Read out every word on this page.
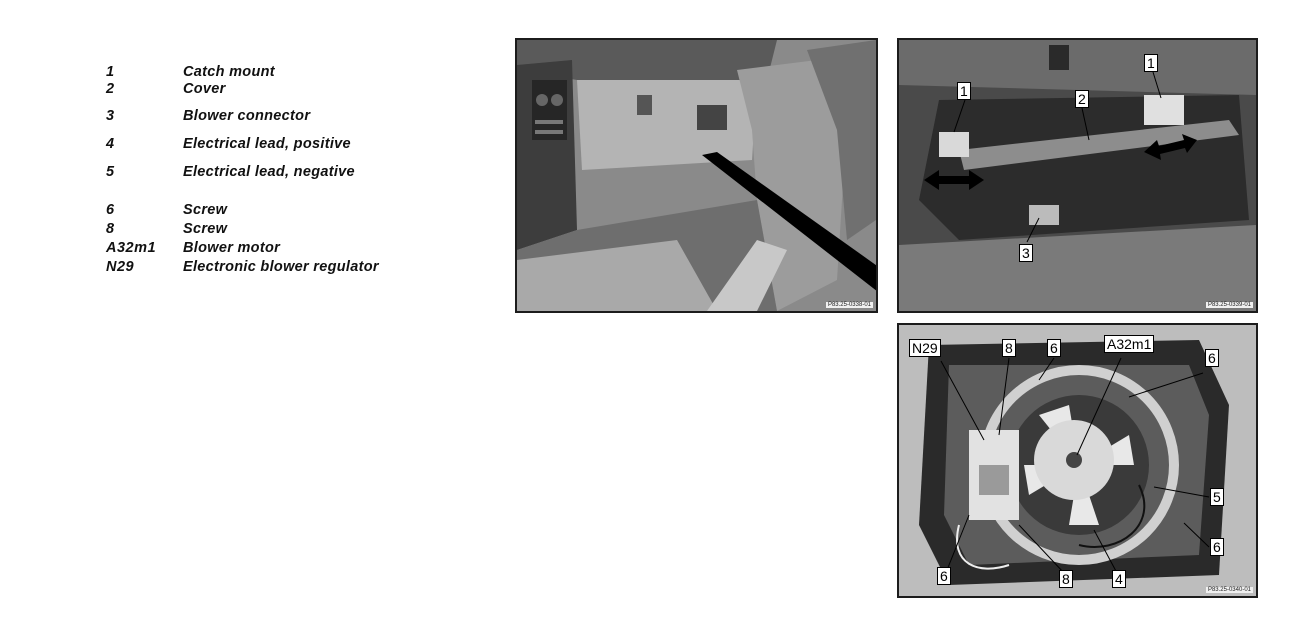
1	Catch mount
2	Cover
3	Blower connector
4	Electrical lead, positive
5	Electrical lead, negative
6	Screw
8	Screw
A32m1	Blower motor
N29	Electronic blower regulator
P83.25-0338-01
1
1
2
3
P83.25-0339-01
N29	8	6	A32m1
6
5
6
4
8
6
P83.25-0340-01
